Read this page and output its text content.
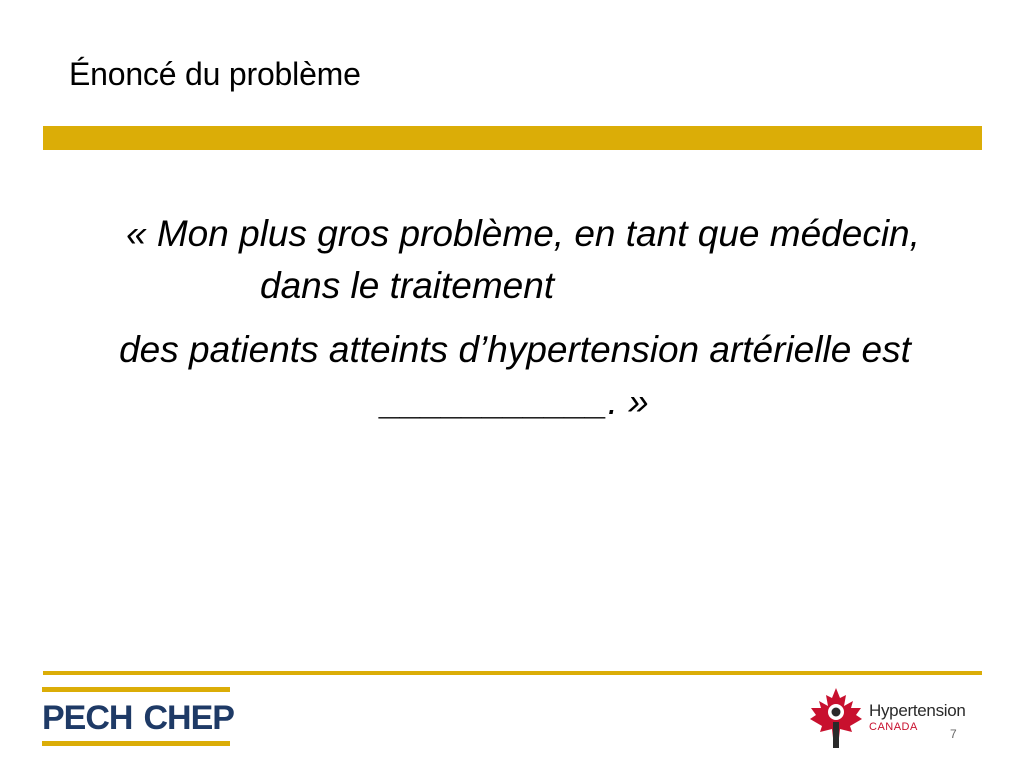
Énoncé du problème

« Mon plus gros problème, en tant que médecin, dans le traitement

des patients atteints d’hypertension artérielle est ___________. »

PECH CHEP	Hypertension
CANADA	7
